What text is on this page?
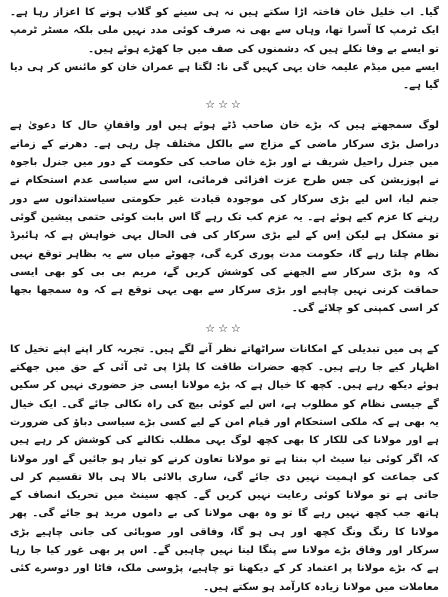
گیا۔ اب خلیل خان فاختہ اڑا سکتے ہیں نہ ہی سینے کو گلاب ہونے کا اعزاز رہا ہے۔ ایک ٹرمپ کا آسرا تھا، وہاں سے بھی نہ صرف کوئی مدد نہیں ملی بلکہ مسٹر ٹرمپ تو ایسے بے وفا نکلے ہیں کہ دشمنوں کی صف میں جا کھڑے ہوئے ہیں۔

ایسے میں میڈم علیمہ خان یہی کہیں گی نا: لگتا ہے عمران خان کو مائنس کر ہی دیا گیا ہے۔

☆☆☆

لوگ سمجھتے ہیں کہ بڑے خان صاحب ڈٹے ہوئے ہیں اور واقفانِ حال کا دعویٰ ہے دراصل بڑی سرکار ماضی کے مزاج سے بالکل مختلف چل رہی ہے۔ دھرنے کے زمانے میں جنرل راحیل شریف نے اور بڑے خان صاحب کی حکومت کے دور میں جنرل باجوہ نے اپوزیشن کی جس طرح عزت افزائی فرمائی، اس سے سیاسی عدم استحکام نے جنم لیا، اس لیے بڑی سرکار کی موجودہ قیادت غیر حکومتی سیاستدانوں سے دور رہنے کا عزم کیے ہوئے ہے۔ یہ عزم کب تک رہے گا اس بابت کوئی حتمی پیشین گوئی تو مشکل ہے لیکن اِس کے لیے بڑی سرکار کی فی الحال یہی خواہش ہے کہ ہائبرڈ نظام چلتا رہے گا، حکومت مدت پوری کرے گی، چھوٹے میاں سے یہ بظاہر توقع نہیں کہ وہ بڑی سرکار سے الجھنے کی کوشش کریں گے، مریم بی بی کو بھی ایسی حماقت کرنی نہیں چاہیے اور بڑی سرکار سے بھی یہی توقع ہے کہ وہ سمجھا بجھا کر اسی کمپنی کو چلائے گی۔

☆☆☆

کے پی میں تبدیلی کے امکانات سراٹھاتے نظر آنے لگے ہیں۔ تجربہ کار اپنے اپنے تخیل کا اظہار کیے جا رہے ہیں۔ کچھ حضرات طاقت کا پلڑا پی ٹی آئی کے حق میں جھکتے ہوئے دیکھ رہے ہیں۔ کچھ کا خیال ہے کہ بڑے مولانا ایسی جز حضوری نہیں کر سکیں گے جیسی نظام کو مطلوب ہے، اس لیے کوئی بیچ کی راہ نکالی جائے گی۔ ایک خیال یہ بھی ہے کہ ملکی استحکام اور قیام امن کے لیے کسی بڑے سیاسی دباؤ کی ضرورت ہے اور مولانا کی للکار کا بھی کچھ لوگ یہی مطلب نکالنے کی کوشش کر رہے ہیں کہ اگر کوئی نیا سیٹ اپ بنتا ہے تو مولانا تعاون کرنے کو تیار ہو جائیں گے اور مولانا کی جماعت کو اہمیت نہیں دی جائے گی، ساری بالائی بالا ہی بالا تقسیم کر لی جاتی ہے تو مولانا کوئی رعایت نہیں کریں گے۔ کچھ سینٹ میں تحریک انصاف کے ہاتھ جب کچھ نہیں رہے گا تو وہ بھی مولانا کی بے داموں مرید ہو جائے گی۔ پھر مولانا کا رنگ ونگ کچھ اور ہی ہو گا، وفاقی اور صوبائی کی جانی چاہیے بڑی سرکار اور وفاق بڑے مولانا سے پنگا لینا نہیں چاہیں گے۔ اس پر بھی غور کیا جا رہا ہے کہ بڑے مولانا پر اعتماد کر کے دیکھنا تو چاہیے، پڑوسی ملک، فاٹا اور دوسرے کئی معاملات میں مولانا زیادہ کارآمد ہو سکتے ہیں۔
